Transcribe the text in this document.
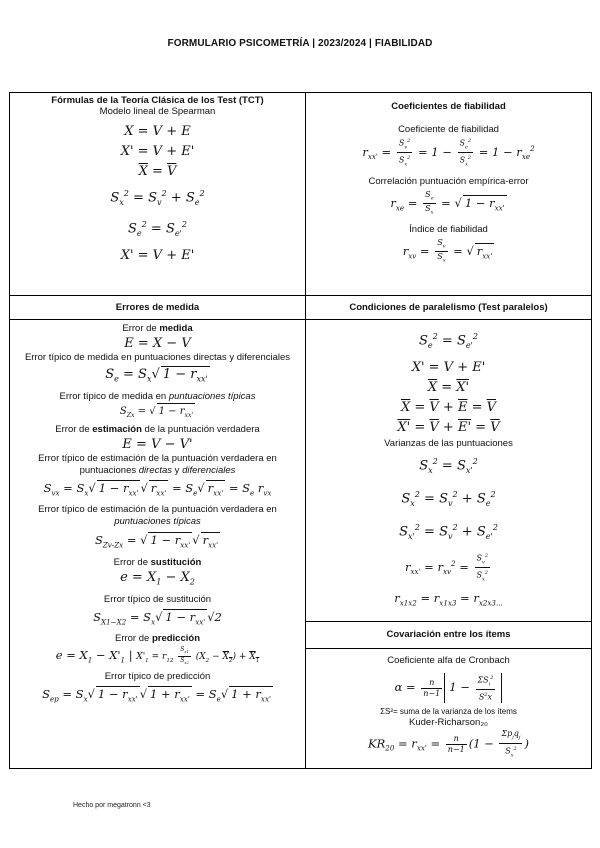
FORMULARIO PSICOMETRÍA | 2023/2024 | FIABILIDAD
Fórmulas de la Teoría Clásica de los Test (TCT)
Modelo lineal de Spearman
X = V + E
X' = V + E'
$\overline{X} = \overline{V}$
$S_x^2 = S_v^2 + S_e^2$
$S_e^2 = S_{e'}^2$
X' = V + E'
Coeficientes de fiabilidad
Coeficiente de fiabilidad
$r_{xx'} = \frac{S_v^2}{S_x^2} = 1 - \frac{S_e^2}{S_x^2} = 1 - r_{xe}^2$
Correlación puntuación empírica-error
$r_{xe} = \frac{S_e}{S_x}$ = √ $1 - r_{xx'}$
Índice de fiabilidad
$r_{xv} = \frac{S_v}{S_x}$ = √ $r_{xx'}$
Errores de medida	Condiciones de paralelismo (Test paralelos)
Error de medida
E = X − V
Error típico de medida en puntuaciones directas y diferenciales
$S_e = S_x√$ $1 - r_{xx'}$
Error típico de medida en puntuaciones típicas
$S_{Zx}$ = √ $1 - r_{xx'}$
Error de estimación de la puntuación verdadera
E = V − V'
Error típico de estimación de la puntuación verdadera en puntuaciones directas y diferenciales
$S_{vx} = S_x√$ $1 - r_{xx'}$ √ $r_{xx'} = S_e√$ $r_{xx'} = S_e$ $r_{vx}$
Error típico de estimación de la puntuación verdadera en puntuaciones típicas
$S_{Zv-Zx}$ = √ $1 - r_{xx'}$ √ $r_{xx'}$
Error de sustitución
$e = X_1 - X_2$
Error típico de sustitución
$S_{X1-X2} = S_x√$ $1 - r_{xx'}$ √2
Error de predicción
$e = X_1 - X'_1$ | $X'_1 = r_{12} \frac{S_{x1}}{S_{x2}} (X_2 - X_2) + X_1$
Error típico de predicción
$S_{ep} = S_x√$ $1 - r_{xx'}$ √ $1 + r_{xx'} = S_e√$ $1 + r_{xx'}$
$S_e^2 = S_{e'}^2$
X' = V + E'
$\overline{X} = X'$
$\overline{X} = \overline{V} + \overline{E} = \overline{V}$
$X' = \overline{V} + E' = \overline{V}$
Varianzas de las puntuaciones
$S_x^2 = S_{x'}^2$
$S_x^2 = S_v^2 + S_e^2$
$S_{x'}^2 = S_v^2 + S_{e'}^2$
$r_{xx'} = r_{xv}^2 = \frac{S_v^2}{S_x^2}$
$r_{x1x2} = r_{x1x3} = r_{x2x3...}$
Covariación entre los ítems
Coeficiente alfa de Cronbach
$\alpha = \frac{n}{n-1} 1 - \frac{\Sigma S_i^2}{S^2x}$
ΣS²= suma de la varianza de los ítems
Kuder-Richarson₂₀
$KR_{20} = r_{xx'} = \frac{n}{n-1} (1 - \frac{\Sigma p_jq_j}{S_x^2}$ )
Hecho por megatronn <3
